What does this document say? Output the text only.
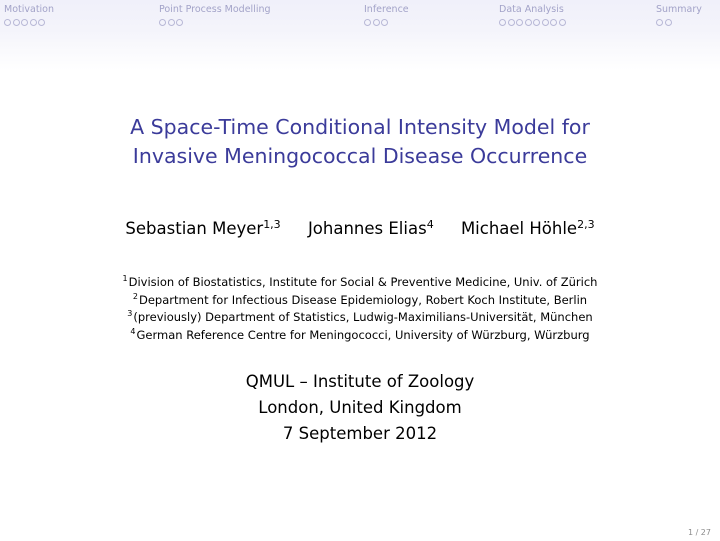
Motivation	Point Process Modelling	Inference	Data Analysis	Summary
A Space-Time Conditional Intensity Model for
Invasive Meningococcal Disease Occurrence
Sebastian Meyer$^{1,3}$ Johannes Elias$^4$ Michael Höhle$^{2,3}$
$^1$Division of Biostatistics, Institute for Social & Preventive Medicine, Univ. of Zürich
$^2$Department for Infectious Disease Epidemiology, Robert Koch Institute, Berlin
$^3$(previously) Department of Statistics, Ludwig-Maximilians-Universität, München
$^4$German Reference Centre for Meningococci, University of Würzburg, Würzburg
QMUL – Institute of Zoology
London, United Kingdom
7 September 2012
1 / 27
